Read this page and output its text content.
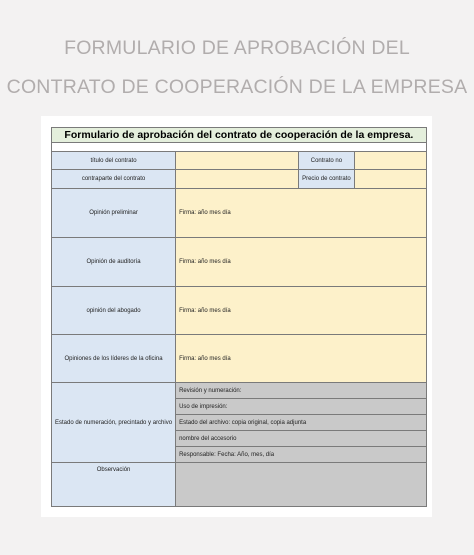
FORMULARIO DE APROBACIÓN DEL
CONTRATO DE COOPERACIÓN DE LA EMPRESA
Formulario de aprobación del contrato de cooperación de la empresa.			

título del contrato		Contrato no	
contraparte del contrato		Precio de contrato	
Opinión preliminar	Firma: año mes día		
Opinión de auditoría	Firma: año mes día		
opinión del abogado	Firma: año mes día		
Opiniones de los líderes de la oficina	Firma: año mes día		
Estado de numeración, precintado y archivo	Revisión y numeración:		
	Uso de impresión:		
	Estado del archivo: copia original, copia adjunta		
	nombre del accesorio		
	Responsable: Fecha: Año, mes, día		
Observación			
